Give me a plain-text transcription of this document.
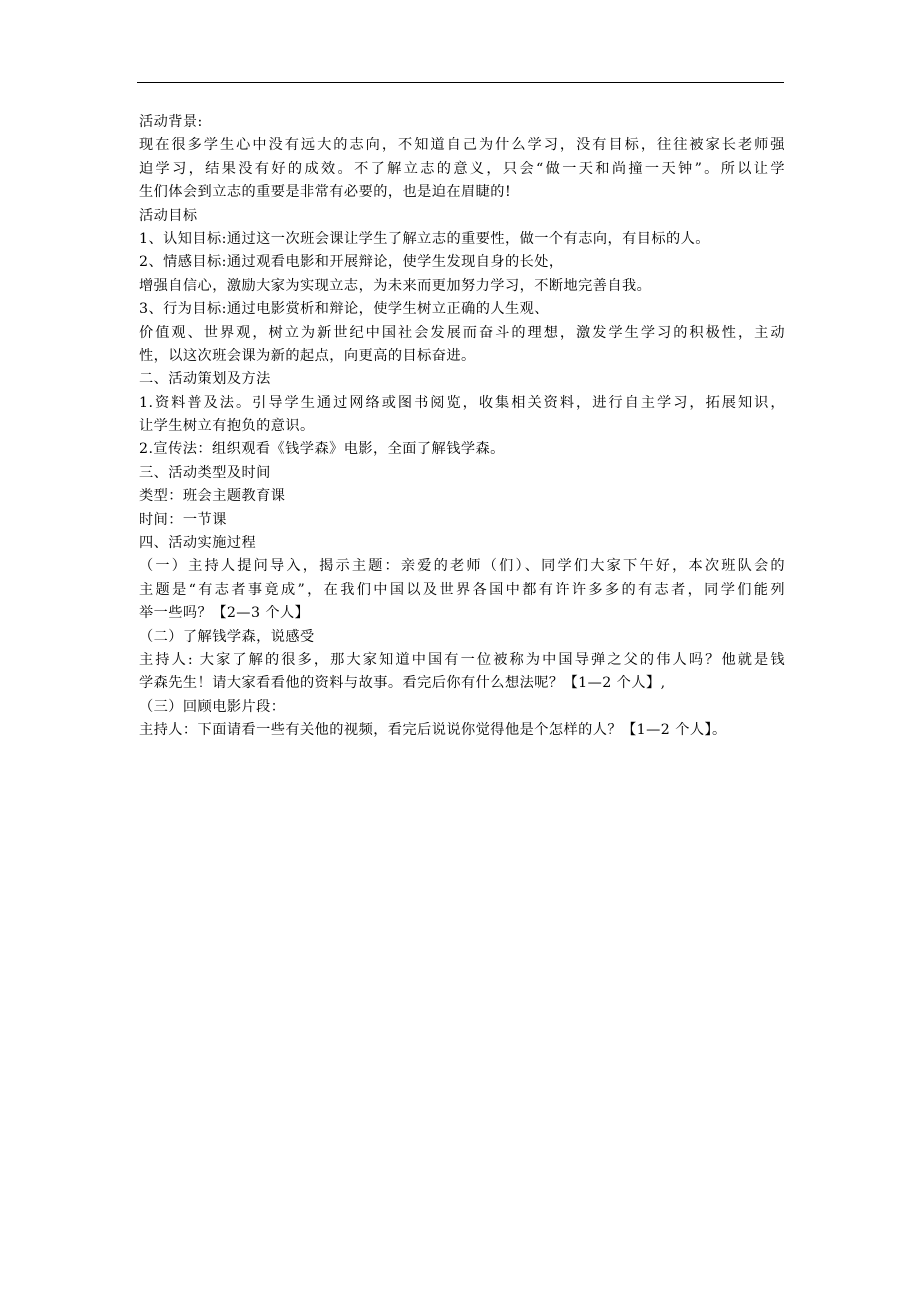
活动背景:
现在很多学生心中没有远大的志向，不知道自己为什么学习，没有目标，往往被家长老师强
迫学习，结果没有好的成效。不了解立志的意义，只会“做一天和尚撞一天钟”。所以让学
生们体会到立志的重要是非常有必要的，也是迫在眉睫的!
活动目标
1、认知目标:通过这一次班会课让学生了解立志的重要性，做一个有志向，有目标的人。
2、情感目标:通过观看电影和开展辩论，使学生发现自身的长处，
增强自信心，激励大家为实现立志，为未来而更加努力学习，不断地完善自我。
3、行为目标:通过电影赏析和辩论，使学生树立正确的人生观、
价值观、世界观，树立为新世纪中国社会发展而奋斗的理想，激发学生学习的积极性，主动
性，以这次班会课为新的起点，向更高的目标奋进。
二、活动策划及方法
1.资料普及法。引导学生通过网络或图书阅览，收集相关资料，进行自主学习，拓展知识，
让学生树立有抱负的意识。
2.宣传法：组织观看《钱学森》电影，全面了解钱学森。
三、活动类型及时间
类型：班会主题教育课
时间：一节课
四、活动实施过程
（一）主持人提问导入，揭示主题：亲爱的老师（们）、同学们大家下午好，本次班队会的
主题是“有志者事竟成”，在我们中国以及世界各国中都有许许多多的有志者，同学们能列
举一些吗？【2—3 个人】
（二）了解钱学森，说感受
主持人: 大家了解的很多，那大家知道中国有一位被称为中国导弹之父的伟人吗？他就是钱
学森先生！请大家看看他的资料与故事。看完后你有什么想法呢？【1—2 个人】,
（三）回顾电影片段：
主持人：下面请看一些有关他的视频，看完后说说你觉得他是个怎样的人？【1—2 个人】。
